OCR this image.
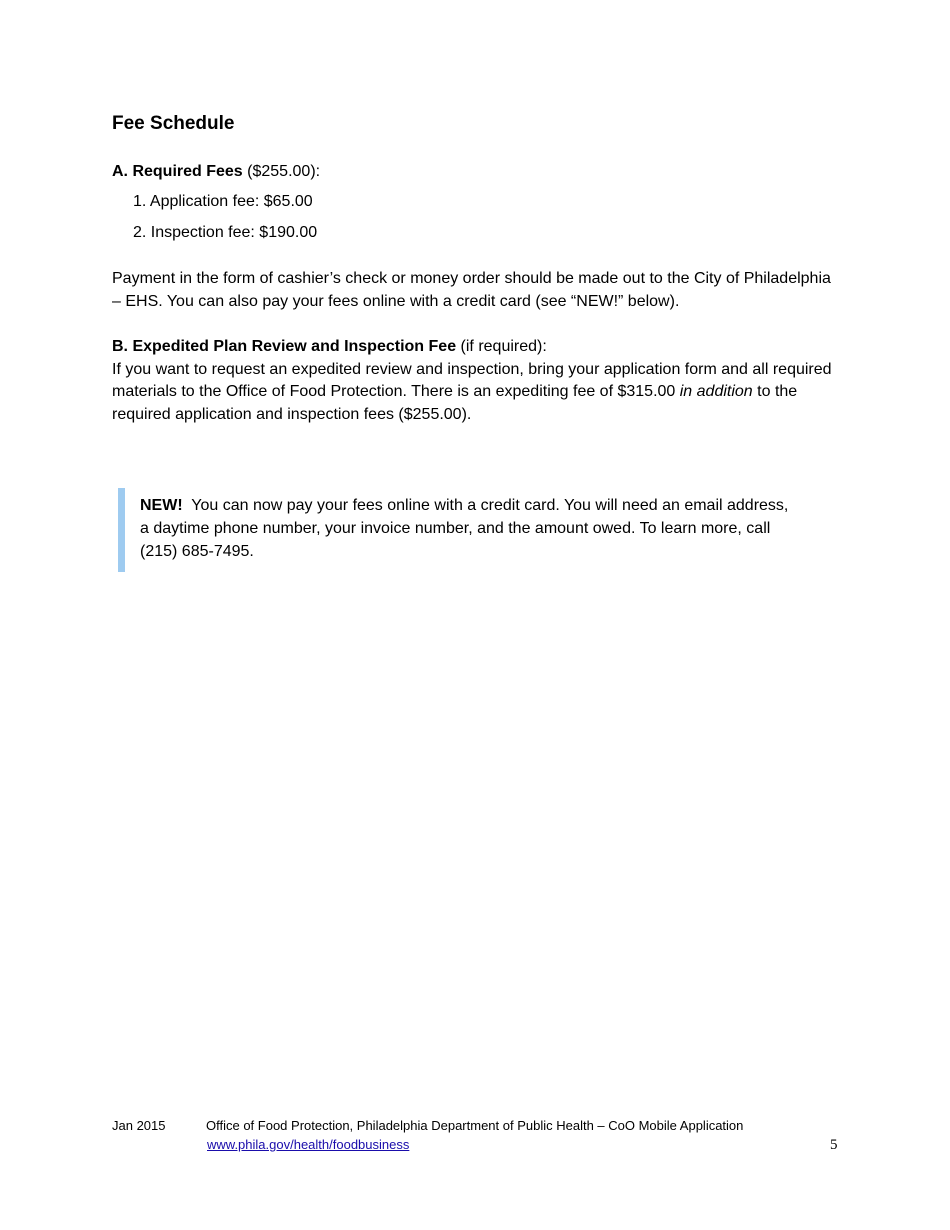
Fee Schedule
A. Required Fees ($255.00):
1. Application fee: $65.00
2. Inspection fee: $190.00

Payment in the form of cashier’s check or money order should be made out to the City of Philadelphia – EHS. You can also pay your fees online with a credit card (see “NEW!” below).

B. Expedited Plan Review and Inspection Fee (if required):
If you want to request an expedited review and inspection, bring your application form and all required materials to the Office of Food Protection. There is an expediting fee of $315.00 in addition to the required application and inspection fees ($255.00).

NEW! You can now pay your fees online with a credit card. You will need an email address, a daytime phone number, your invoice number, and the amount owed. To learn more, call (215) 685-7495.
Jan 2015	Office of Food Protection, Philadelphia Department of Public Health – CoO Mobile Application
www.phila.gov/health/foodbusiness	5
